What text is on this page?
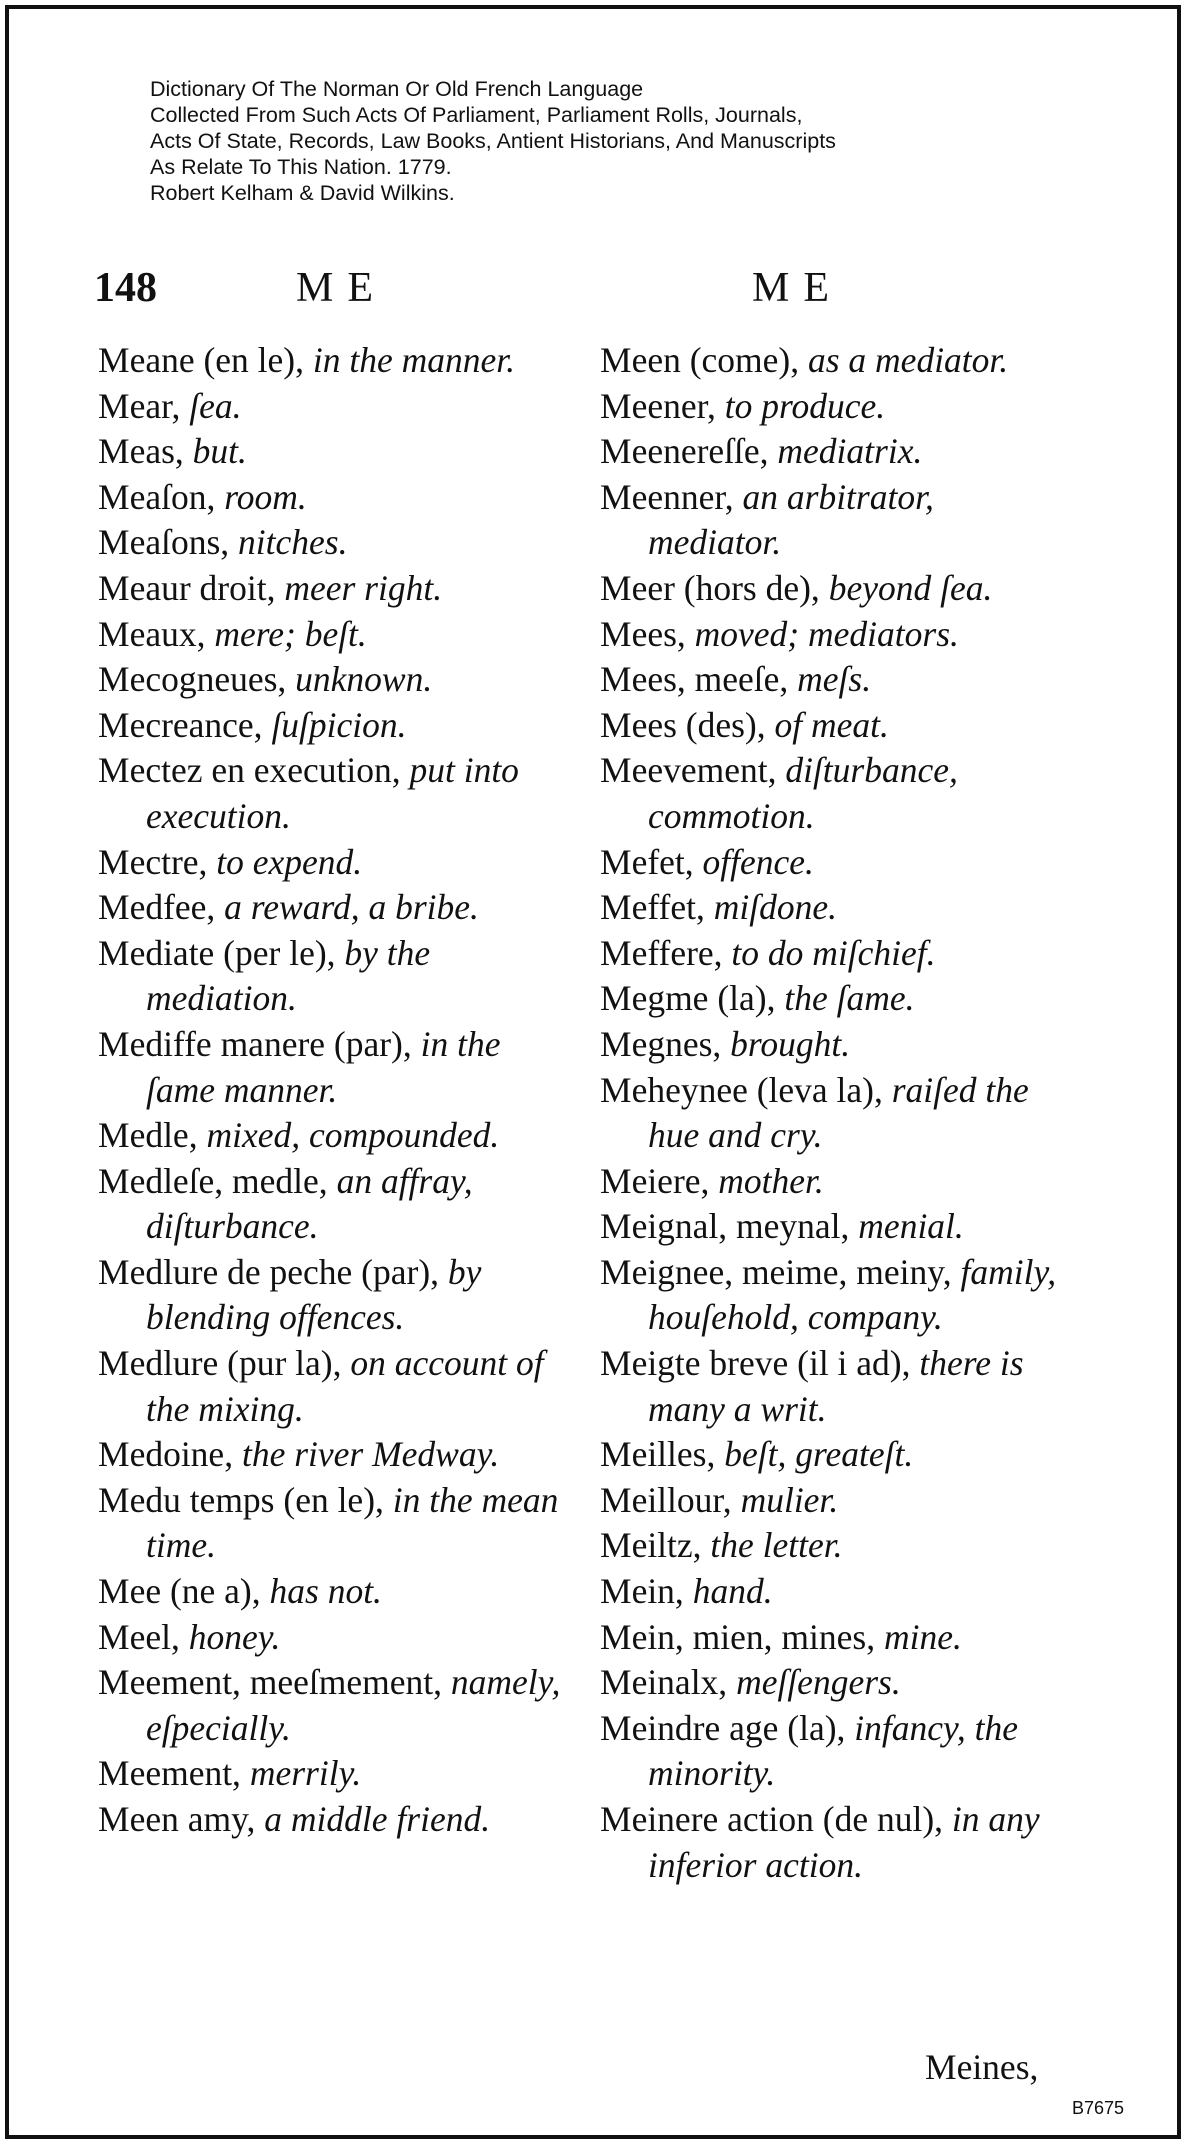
Dictionary Of The Norman Or Old French Language
Collected From Such Acts Of Parliament, Parliament Rolls, Journals,
Acts Of State, Records, Law Books, Antient Historians, And Manuscripts
As Relate To This Nation. 1779.
Robert Kelham & David Wilkins.
148	ME	ME
Meane (en le), in the manner.
Mear, ſea.
Meas, but.
Meaſon, room.
Meaſons, nitches.
Meaur droit, meer right.
Meaux, mere; beſt.
Mecogneues, unknown.
Mecreance, ſuſpicion.
Mectez en execution, put into execution.
Mectre, to expend.
Medfee, a reward, a bribe.
Mediate (per le), by the mediation.
Mediffe manere (par), in the ſame manner.
Medle, mixed, compounded.
Medleſe, medle, an affray, diſturbance.
Medlure de peche (par), by blending offences.
Medlure (pur la), on account of the mixing.
Medoine, the river Medway.
Medu temps (en le), in the mean time.
Mee (ne a), has not.
Meel, honey.
Meement, meeſmement, namely, eſpecially.
Meement, merrily.
Meen amy, a middle friend.
Meen (come), as a mediator.
Meener, to produce.
Meenereſſe, mediatrix.
Meenner, an arbitrator, mediator.
Meer (hors de), beyond ſea.
Mees, moved; mediators.
Mees, meeſe, meſs.
Mees (des), of meat.
Meevement, diſturbance, commotion.
Mefet, offence.
Meffet, miſdone.
Meffere, to do miſchief.
Megme (la), the ſame.
Megnes, brought.
Meheynee (leva la), raiſed the hue and cry.
Meiere, mother.
Meignal, meynal, menial.
Meignee, meime, meiny, family, houſehold, company.
Meigte breve (il i ad), there is many a writ.
Meilles, beſt, greateſt.
Meillour, mulier.
Meiltz, the letter.
Mein, hand.
Mein, mien, mines, mine.
Meinalx, meſſengers.
Meindre age (la), infancy, the minority.
Meinere action (de nul), in any inferior action.
Meines,
B7675
